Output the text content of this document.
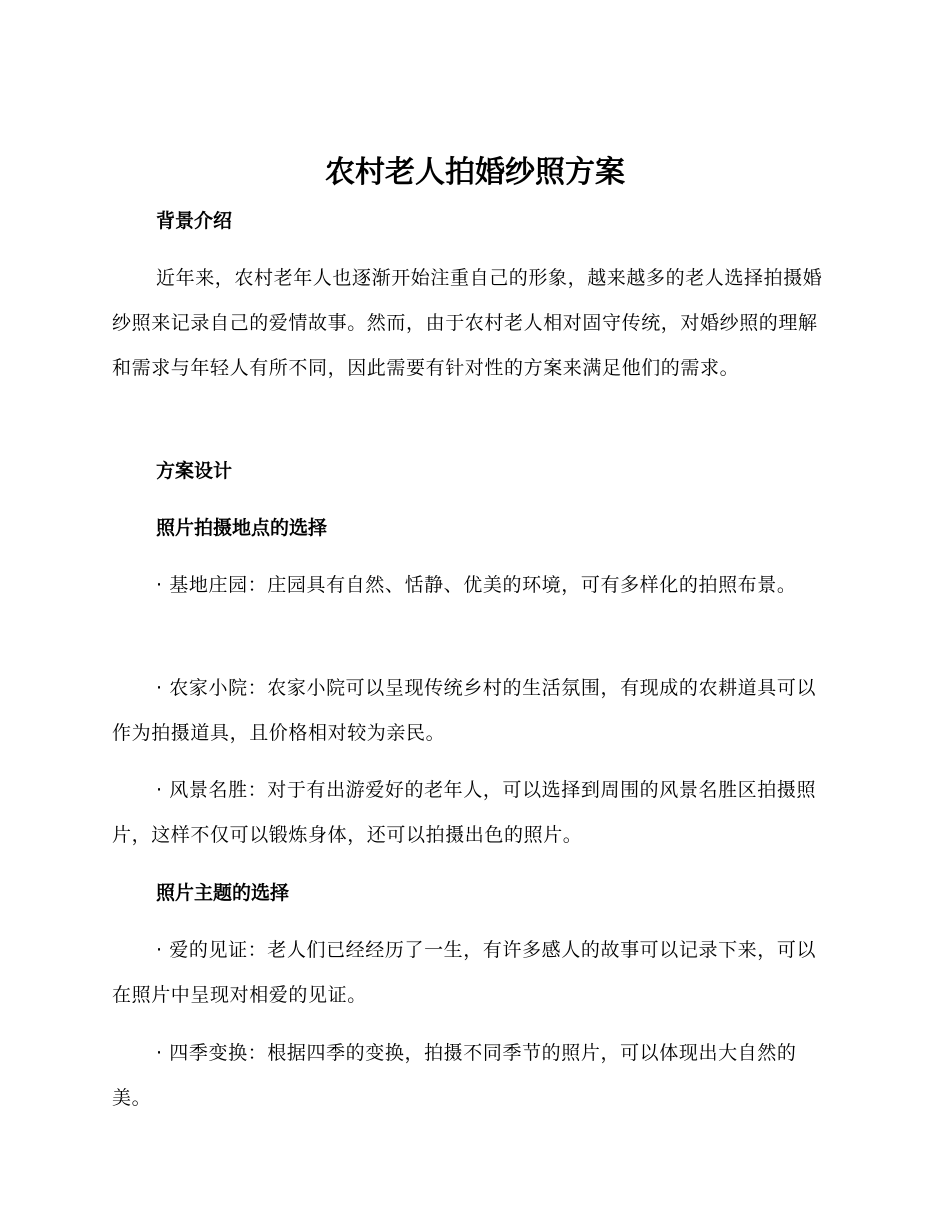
农村老人拍婚纱照方案
背景介绍
近年来，农村老年人也逐渐开始注重自己的形象，越来越多的老人选择拍摄婚纱照来记录自己的爱情故事。然而，由于农村老人相对固守传统，对婚纱照的理解和需求与年轻人有所不同，因此需要有针对性的方案来满足他们的需求。
方案设计
照片拍摄地点的选择
· 基地庄园：庄园具有自然、恬静、优美的环境，可有多样化的拍照布景。
· 农家小院：农家小院可以呈现传统乡村的生活氛围，有现成的农耕道具可以作为拍摄道具，且价格相对较为亲民。
· 风景名胜：对于有出游爱好的老年人，可以选择到周围的风景名胜区拍摄照片，这样不仅可以锻炼身体，还可以拍摄出色的照片。
照片主题的选择
· 爱的见证：老人们已经经历了一生，有许多感人的故事可以记录下来，可以在照片中呈现对相爱的见证。
· 四季变换：根据四季的变换，拍摄不同季节的照片，可以体现出大自然的美。
